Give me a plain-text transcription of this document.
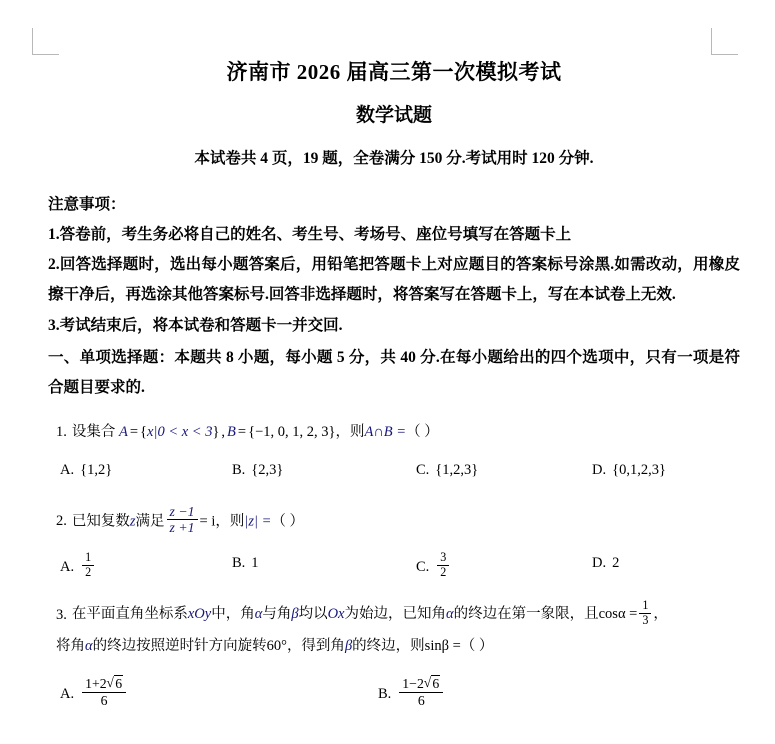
济南市 2026 届高三第一次模拟考试
数学试题
本试卷共 4 页，19 题，全卷满分 150 分.考试用时 120 分钟.
注意事项：
1.答卷前，考生务必将自己的姓名、考生号、考场号、座位号填写在答题卡上
2.回答选择题时，选出每小题答案后，用铅笔把答题卡上对应题目的答案标号涂黑.如需改动，用橡皮擦干净后，再选涂其他答案标号.回答非选择题时，将答案写在答题卡上，写在本试卷上无效.
3.考试结束后，将本试卷和答题卡一并交回.
一、单项选择题：本题共 8 小题，每小题 5 分，共 40 分.在每小题给出的四个选项中，只有一项是符合题目要求的.
1. 设集合 A = {x|0 < x < 3} , B = {−1, 0, 1, 2, 3}，则A∩B =（ ）
A. {1,2}	B. {2,3}	C. {1,2,3}	D. {0,1,2,3}
2. 已知复数z满足 $\frac{z -1}{z +1} = i$，则|z| =（ ）
A. $\frac{1}{2}$	B. 1	C. $\frac{3}{2}$	D. 2
3. 在平面直角坐标系xOy中，角α与角β均以Ox为始边，已知角α的终边在第一象限，且$\cos\alpha = \frac{1}{3}$ ，
将角α的终边按照逆时针方向旋转60°，得到角β的终边，则sinβ =（ ）
A. $\frac{1+2 √ 6}{6}$	B. $\frac{1-2 √ 6}{6}$
